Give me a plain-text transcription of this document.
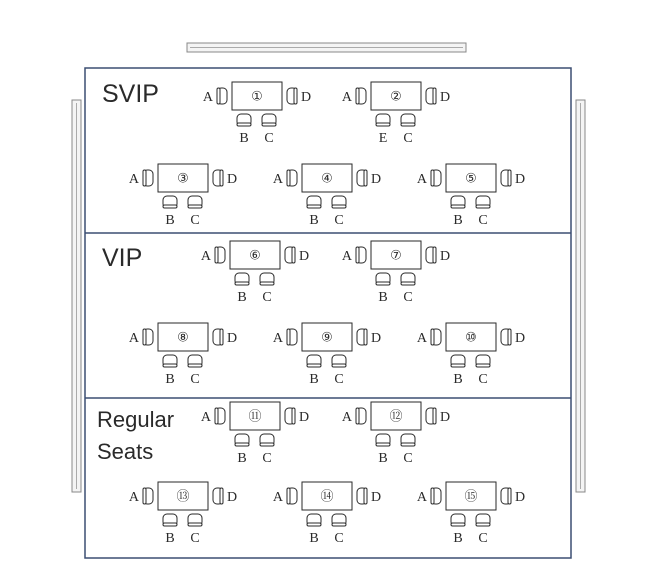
SVIP
VIP
Regular
Seats
①
A	D
B C
②
A	D
E C
③
A	D
B C
④
A	D
B C
⑤
A	D
B C
⑥
A	D
B C
⑦
A	D
B C
⑧
A	D
B C
⑨
A	D
B C
⑩
A	D
B C
⑪
A	D
B C
⑫
A	D
B C
⑬
A	D
B C
⑭
A	D
B C
⑮
A	D
B C
